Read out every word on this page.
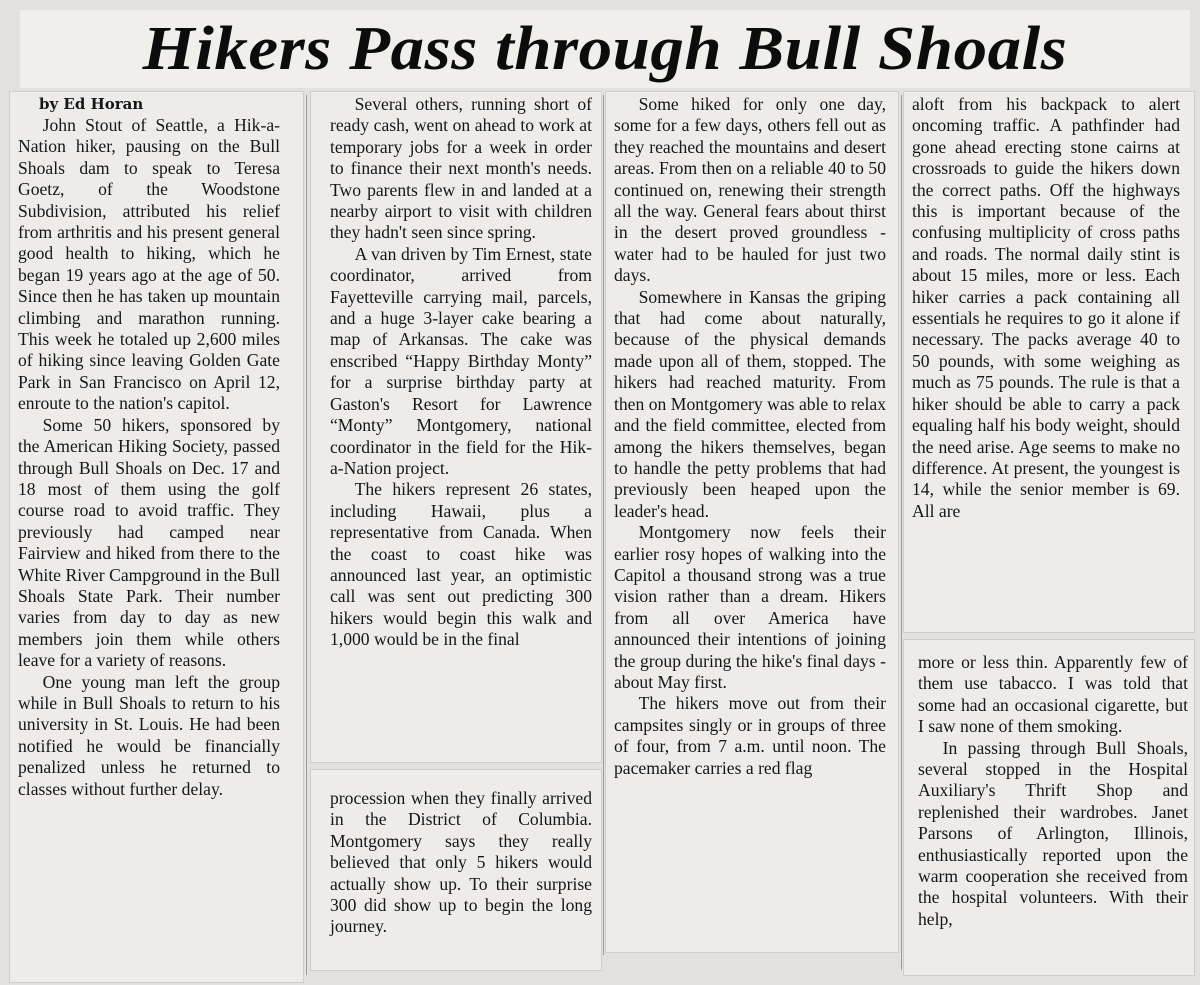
Hikers Pass through Bull Shoals

by Ed Horan

John Stout of Seattle, a Hik-a-Nation hiker, pausing on the Bull Shoals dam to speak to Teresa Goetz, of the Woodstone Subdivision, attributed his relief from arthritis and his present general good health to hiking, which he began 19 years ago at the age of 50. Since then he has taken up mountain climbing and marathon running. This week he totaled up 2,600 miles of hiking since leaving Golden Gate Park in San Francisco on April 12, enroute to the nation's capitol.

Some 50 hikers, sponsored by the American Hiking Society, passed through Bull Shoals on Dec. 17 and 18 most of them using the golf course road to avoid traffic. They previously had camped near Fairview and hiked from there to the White River Campground in the Bull Shoals State Park. Their number varies from day to day as new members join them while others leave for a variety of reasons.

One young man left the group while in Bull Shoals to return to his university in St. Louis. He had been notified he would be financially penalized unless he returned to classes without further delay.

Several others, running short of ready cash, went on ahead to work at temporary jobs for a week in order to finance their next month's needs. Two parents flew in and landed at a nearby airport to visit with children they hadn't seen since spring.

A van driven by Tim Ernest, state coordinator, arrived from Fayetteville carrying mail, parcels, and a huge 3-layer cake bearing a map of Arkansas. The cake was enscribed “Happy Birthday Monty” for a surprise birthday party at Gaston's Resort for Lawrence “Monty” Montgomery, national coordinator in the field for the Hik-a-Nation project.

The hikers represent 26 states, including Hawaii, plus a representative from Canada. When the coast to coast hike was announced last year, an optimistic call was sent out predicting 300 hikers would begin this walk and 1,000 would be in the final

procession when they finally arrived in the District of Columbia. Montgomery says they really believed that only 5 hikers would actually show up. To their surprise 300 did show up to begin the long journey.

Some hiked for only one day, some for a few days, others fell out as they reached the mountains and desert areas. From then on a reliable 40 to 50 continued on, renewing their strength all the way. General fears about thirst in the desert proved groundless - water had to be hauled for just two days.

Somewhere in Kansas the griping that had come about naturally, because of the physical demands made upon all of them, stopped. The hikers had reached maturity. From then on Montgomery was able to relax and the field committee, elected from among the hikers themselves, began to handle the petty problems that had previously been heaped upon the leader's head.

Montgomery now feels their earlier rosy hopes of walking into the Capitol a thousand strong was a true vision rather than a dream. Hikers from all over America have announced their intentions of joining the group during the hike's final days - about May first.

The hikers move out from their campsites singly or in groups of three of four, from 7 a.m. until noon. The pacemaker carries a red flag

aloft from his backpack to alert oncoming traffic. A pathfinder had gone ahead erecting stone cairns at crossroads to guide the hikers down the correct paths. Off the highways this is important because of the confusing multiplicity of cross paths and roads. The normal daily stint is about 15 miles, more or less. Each hiker carries a pack containing all essentials he requires to go it alone if necessary. The packs average 40 to 50 pounds, with some weighing as much as 75 pounds. The rule is that a hiker should be able to carry a pack equaling half his body weight, should the need arise. Age seems to make no difference. At present, the youngest is 14, while the senior member is 69. All are

more or less thin. Apparently few of them use tabacco. I was told that some had an occasional cigarette, but I saw none of them smoking.

In passing through Bull Shoals, several stopped in the Hospital Auxiliary's Thrift Shop and replenished their wardrobes. Janet Parsons of Arlington, Illinois, enthusiastically reported upon the warm cooperation she received from the hospital volunteers. With their help,
